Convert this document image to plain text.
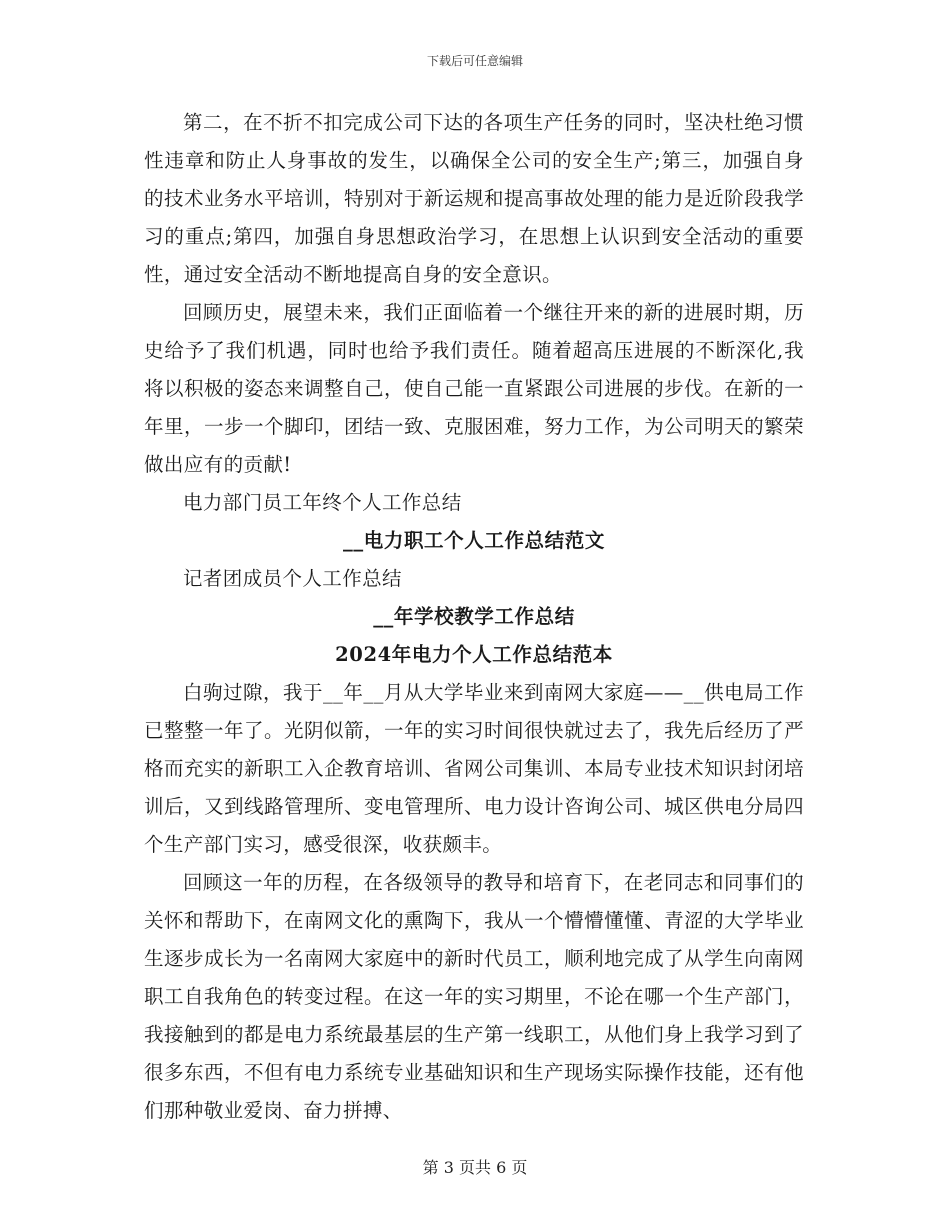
下载后可任意编辑

第二，在不折不扣完成公司下达的各项生产任务的同时，坚决杜绝习惯性违章和防止人身事故的发生，以确保全公司的安全生产;第三，加强自身的技术业务水平培训，特别对于新运规和提高事故处理的能力是近阶段我学习的重点;第四，加强自身思想政治学习，在思想上认识到安全活动的重要性，通过安全活动不断地提高自身的安全意识。

回顾历史，展望未来，我们正面临着一个继往开来的新的进展时期，历史给予了我们机遇，同时也给予我们责任。随着超高压进展的不断深化,我将以积极的姿态来调整自己，使自己能一直紧跟公司进展的步伐。在新的一年里，一步一个脚印，团结一致、克服困难，努力工作，为公司明天的繁荣做出应有的贡献!

电力部门员工年终个人工作总结

__电力职工个人工作总结范文

记者团成员个人工作总结

__年学校教学工作总结

2024年电力个人工作总结范本

白驹过隙，我于__年__月从大学毕业来到南网大家庭——__供电局工作已整整一年了。光阴似箭，一年的实习时间很快就过去了，我先后经历了严格而充实的新职工入企教育培训、省网公司集训、本局专业技术知识封闭培训后，又到线路管理所、变电管理所、电力设计咨询公司、城区供电分局四个生产部门实习，感受很深，收获颇丰。

回顾这一年的历程，在各级领导的教导和培育下，在老同志和同事们的关怀和帮助下，在南网文化的熏陶下，我从一个懵懵懂懂、青涩的大学毕业生逐步成长为一名南网大家庭中的新时代员工，顺利地完成了从学生向南网职工自我角色的转变过程。在这一年的实习期里，不论在哪一个生产部门，我接触到的都是电力系统最基层的生产第一线职工，从他们身上我学习到了很多东西，不但有电力系统专业基础知识和生产现场实际操作技能，还有他们那种敬业爱岗、奋力拼搏、

第 3 页共 6 页
